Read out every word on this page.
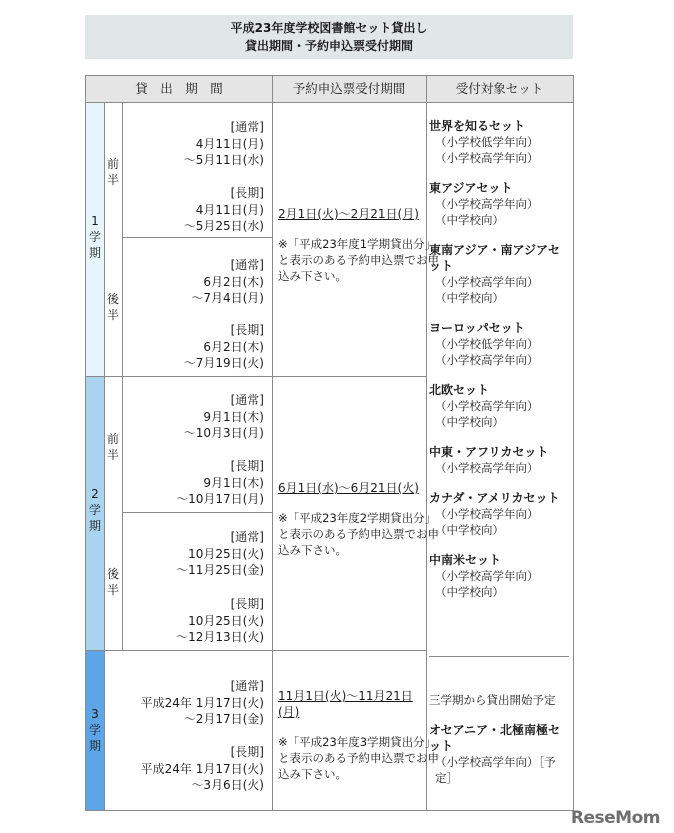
平成23年度学校図書館セット貸出し
貸出期間・予約申込票受付期間
貸　出　期　間	予約申込票受付期間	受付対象セット
1学期
2学期
3学期
前半
後半
前半
後半
[通常]
4月11日(月)
～5月11日(水)
[長期]
4月11日(月)
～5月25日(水)
[通常]
6月2日(木)
～7月4日(月)
[長期]
6月2日(木)
～7月19日(火)
[通常]
9月1日(木)
～10月3日(月)
[長期]
9月1日(木)
～10月17日(月)
[通常]
10月25日(火)
～11月25日(金)
[長期]
10月25日(火)
～12月13日(火)
[通常]
平成24年 1月17日(火)
～2月17日(金)
[長期]
平成24年 1月17日(火)
～3月6日(火)
2月1日(火)～2月21日(月)
※「平成23年度1学期貸出分」と表示のある予約申込票でお申込み下さい。
6月1日(水)～6月21日(火)
※「平成23年度2学期貸出分」と表示のある予約申込票でお申込み下さい。
11月1日(火)～11月21日(月)
※「平成23年度3学期貸出分」と表示のある予約申込票でお申込み下さい。
世界を知るセット
（小学校低学年向）
（小学校高学年向）
東アジアセット
（小学校高学年向）
（中学校向）
東南アジア・南アジアセット
（小学校高学年向）
（中学校向）
ヨーロッパセット
（小学校低学年向）
（小学校高学年向）
北欧セット
（小学校高学年向）
（中学校向）
中東・アフリカセット
（小学校高学年向）
カナダ・アメリカセット
（小学校高学年向）
（中学校向）
中南米セット
（小学校高学年向）
（中学校向）
三学期から貸出開始予定
オセアニア・北極南極セット
（小学校高学年向）［予定］
ReseMom
